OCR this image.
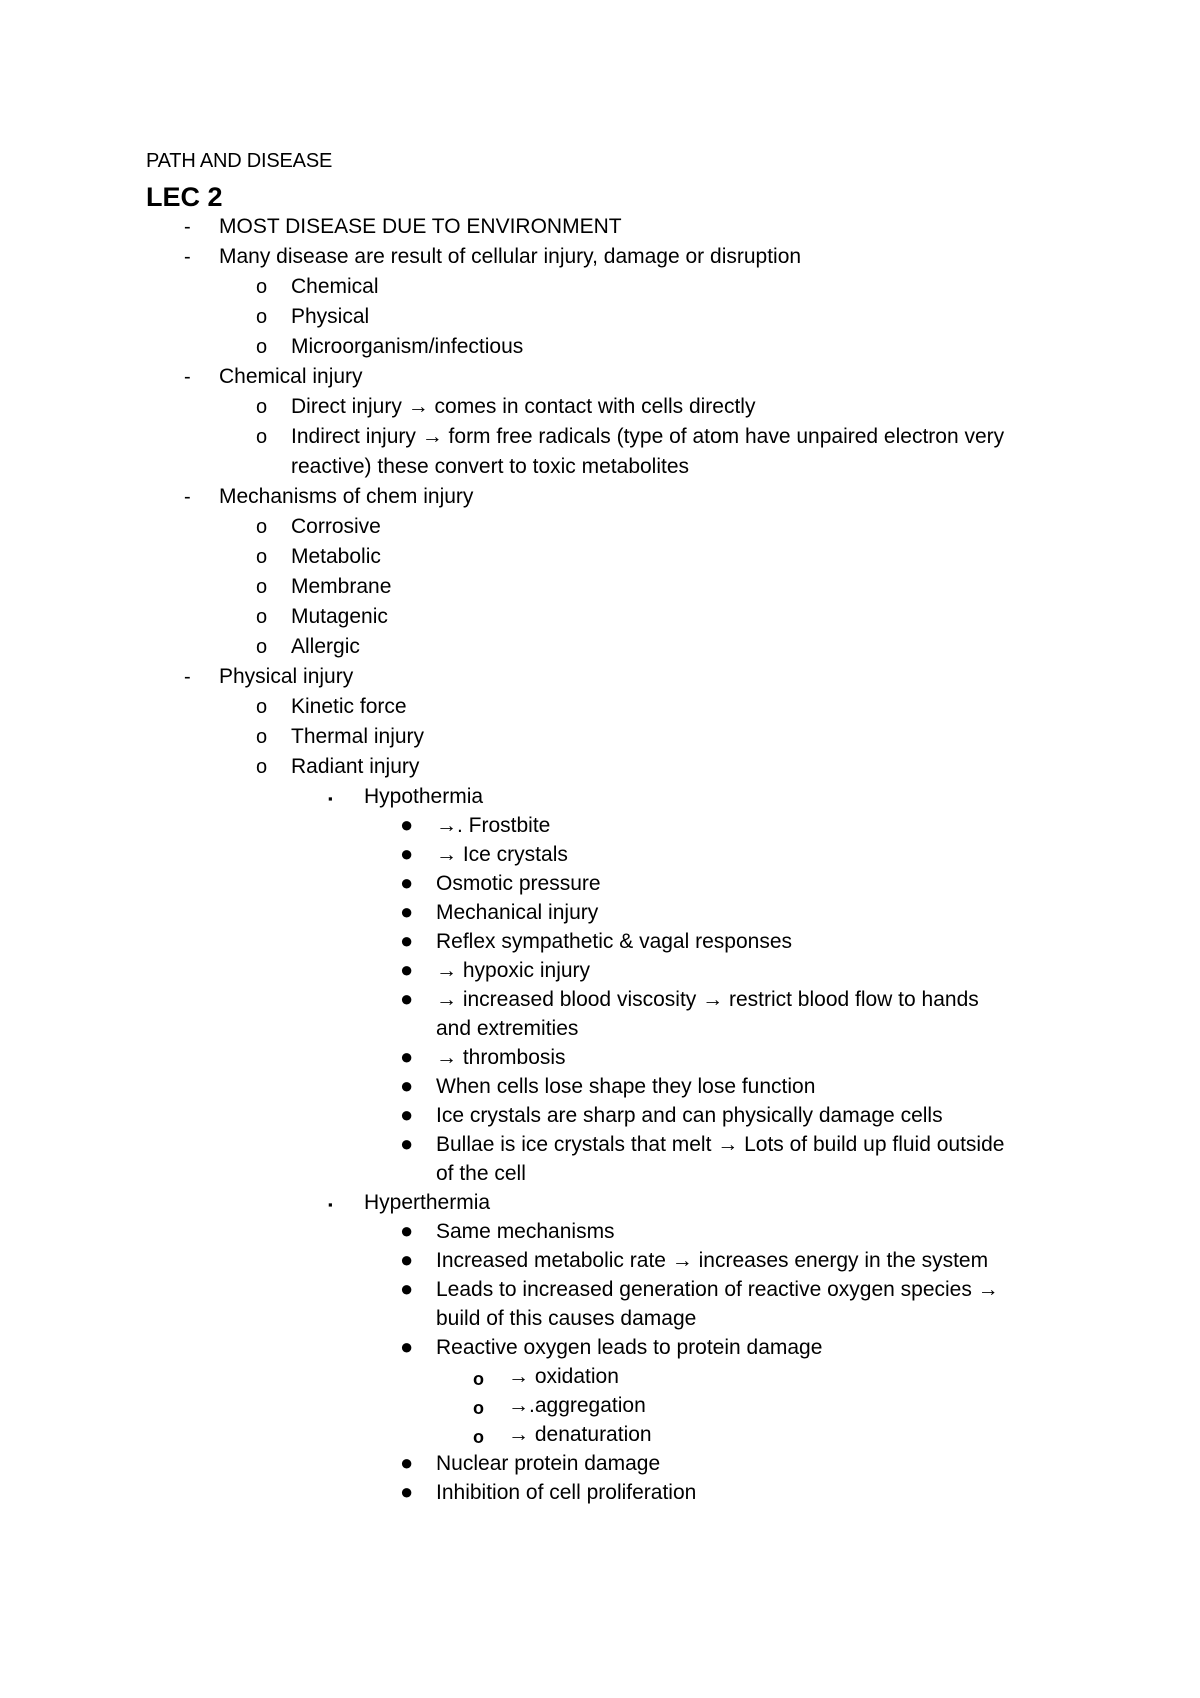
PATH AND DISEASE
LEC 2
- MOST DISEASE DUE TO ENVIRONMENT
- Many disease are result of cellular injury, damage or disruption
o Chemical
o Physical
o Microorganism/infectious
- Chemical injury
o Direct injury → comes in contact with cells directly
o Indirect injury → form free radicals (type of atom have unpaired electron very
reactive) these convert to toxic metabolites
- Mechanisms of chem injury
o Corrosive
o Metabolic
o Membrane
o Mutagenic
o Allergic
- Physical injury
o Kinetic force
o Thermal injury
o Radiant injury
▪ Hypothermia
● →. Frostbite
● → Ice crystals
● Osmotic pressure
● Mechanical injury
● Reflex sympathetic & vagal responses
● → hypoxic injury
● → increased blood viscosity → restrict blood flow to hands
and extremities
● → thrombosis
● When cells lose shape they lose function
● Ice crystals are sharp and can physically damage cells
● Bullae is ice crystals that melt → Lots of build up fluid outside
of the cell
▪ Hyperthermia
● Same mechanisms
● Increased metabolic rate → increases energy in the system
● Leads to increased generation of reactive oxygen species →
build of this causes damage
● Reactive oxygen leads to protein damage
o → oxidation
o →.aggregation
o → denaturation
● Nuclear protein damage
● Inhibition of cell proliferation
